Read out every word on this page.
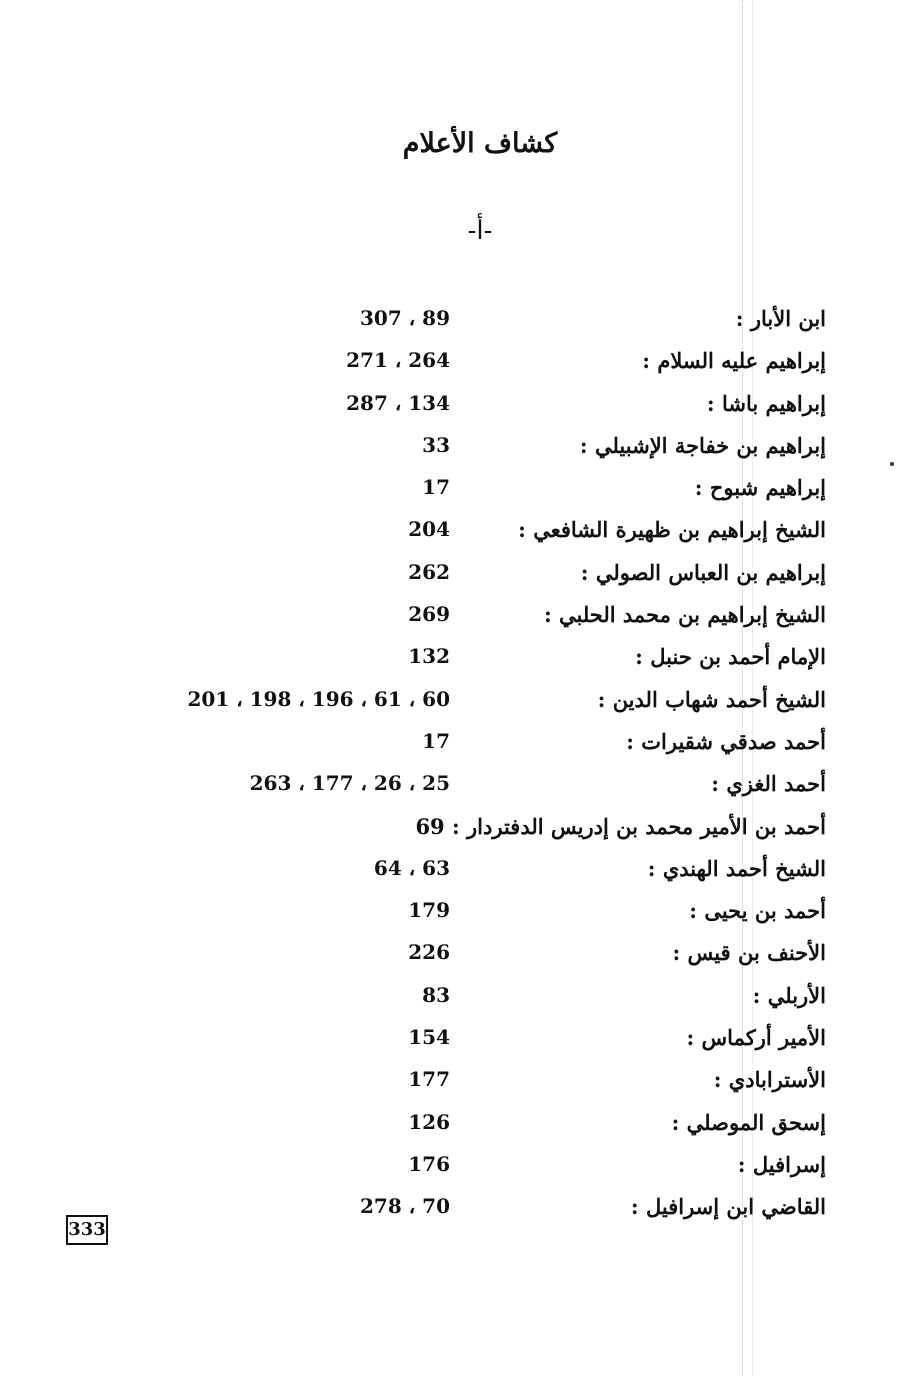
كشاف الأعلام
-أ-
ابن الأبار :
89 ، 307
إبراهيم عليه السلام :
264 ، 271
إبراهيم باشا :
134 ، 287
إبراهيم بن خفاجة الإشبيلي :
33
إبراهيم شبوح :
17
الشيخ إبراهيم بن ظهيرة الشافعي :
204
إبراهيم بن العباس الصولي :
262
الشيخ إبراهيم بن محمد الحلبي :
269
الإمام أحمد بن حنبل :
132
الشيخ أحمد شهاب الدين :
60 ، 61 ، 196 ، 198 ، 201
أحمد صدقي شقيرات :
17
أحمد الغزي :
25 ، 26 ، 177 ، 263
أحمد بن الأمير محمد بن إدريس الدفتردار : 69
الشيخ أحمد الهندي :
63 ، 64
أحمد بن يحيى :
179
الأحنف بن قيس :
226
الأربلي :
83
الأمير أركماس :
154
الأسترابادي :
177
إسحق الموصلي :
126
إسرافيل :
176
القاضي ابن إسرافيل :
70 ، 278
333
